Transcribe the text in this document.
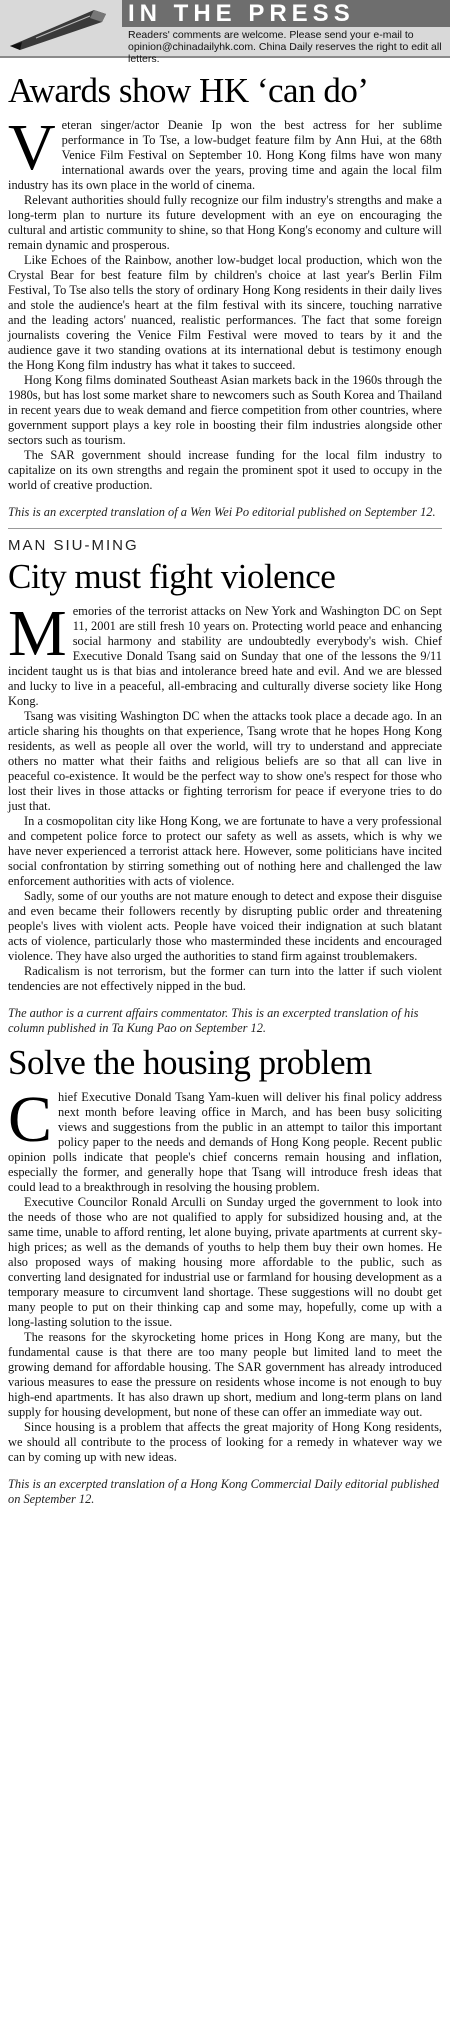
IN THE PRESS
Readers' comments are welcome. Please send your e-mail to opinion@chinadailyhk.com. China Daily reserves the right to edit all letters.
Awards show HK ‘can do’

Veteran singer/actor Deanie Ip won the best actress for her sublime performance in To Tse, a low-budget feature film by Ann Hui, at the 68th Venice Film Festival on September 10. Hong Kong films have won many international awards over the years, proving time and again the local film industry has its own place in the world of cinema.

Relevant authorities should fully recognize our film industry's strengths and make a long-term plan to nurture its future development with an eye on encouraging the cultural and artistic community to shine, so that Hong Kong's economy and culture will remain dynamic and prosperous.

Like Echoes of the Rainbow, another low-budget local production, which won the Crystal Bear for best feature film by children's choice at last year's Berlin Film Festival, To Tse also tells the story of ordinary Hong Kong residents in their daily lives and stole the audience's heart at the film festival with its sincere, touching narrative and the leading actors' nuanced, realistic performances. The fact that some foreign journalists covering the Venice Film Festival were moved to tears by it and the audience gave it two standing ovations at its international debut is testimony enough the Hong Kong film industry has what it takes to succeed.

Hong Kong films dominated Southeast Asian markets back in the 1960s through the 1980s, but has lost some market share to newcomers such as South Korea and Thailand in recent years due to weak demand and fierce competition from other countries, where government support plays a key role in boosting their film industries alongside other sectors such as tourism.

The SAR government should increase funding for the local film industry to capitalize on its own strengths and regain the prominent spot it used to occupy in the world of creative production.

This is an excerpted translation of a Wen Wei Po editorial published on September 12.
MAN SIU-MING
City must fight violence

Memories of the terrorist attacks on New York and Washington DC on Sept 11, 2001 are still fresh 10 years on. Protecting world peace and enhancing social harmony and stability are undoubtedly everybody's wish. Chief Executive Donald Tsang said on Sunday that one of the lessons the 9/11 incident taught us is that bias and intolerance breed hate and evil. And we are blessed and lucky to live in a peaceful, all-embracing and culturally diverse society like Hong Kong.

Tsang was visiting Washington DC when the attacks took place a decade ago. In an article sharing his thoughts on that experience, Tsang wrote that he hopes Hong Kong residents, as well as people all over the world, will try to understand and appreciate others no matter what their faiths and religious beliefs are so that all can live in peaceful co-existence. It would be the perfect way to show one's respect for those who lost their lives in those attacks or fighting terrorism for peace if everyone tries to do just that.

In a cosmopolitan city like Hong Kong, we are fortunate to have a very professional and competent police force to protect our safety as well as assets, which is why we have never experienced a terrorist attack here. However, some politicians have incited social confrontation by stirring something out of nothing here and challenged the law enforcement authorities with acts of violence.

Sadly, some of our youths are not mature enough to detect and expose their disguise and even became their followers recently by disrupting public order and threatening people's lives with violent acts. People have voiced their indignation at such blatant acts of violence, particularly those who masterminded these incidents and encouraged violence. They have also urged the authorities to stand firm against troublemakers.

Radicalism is not terrorism, but the former can turn into the latter if such violent tendencies are not effectively nipped in the bud.

The author is a current affairs commentator. This is an excerpted translation of his column published in Ta Kung Pao on September 12.
Solve the housing problem

Chief Executive Donald Tsang Yam-kuen will deliver his final policy address next month before leaving office in March, and has been busy soliciting views and suggestions from the public in an attempt to tailor this important policy paper to the needs and demands of Hong Kong people. Recent public opinion polls indicate that people's chief concerns remain housing and inflation, especially the former, and generally hope that Tsang will introduce fresh ideas that could lead to a breakthrough in resolving the housing problem.

Executive Councilor Ronald Arculli on Sunday urged the government to look into the needs of those who are not qualified to apply for subsidized housing and, at the same time, unable to afford renting, let alone buying, private apartments at current sky-high prices; as well as the demands of youths to help them buy their own homes. He also proposed ways of making housing more affordable to the public, such as converting land designated for industrial use or farmland for housing development as a temporary measure to circumvent land shortage. These suggestions will no doubt get many people to put on their thinking cap and some may, hopefully, come up with a long-lasting solution to the issue.

The reasons for the skyrocketing home prices in Hong Kong are many, but the fundamental cause is that there are too many people but limited land to meet the growing demand for affordable housing. The SAR government has already introduced various measures to ease the pressure on residents whose income is not enough to buy high-end apartments. It has also drawn up short, medium and long-term plans on land supply for housing development, but none of these can offer an immediate way out.

Since housing is a problem that affects the great majority of Hong Kong residents, we should all contribute to the process of looking for a remedy in whatever way we can by coming up with new ideas.

This is an excerpted translation of a Hong Kong Commercial Daily editorial published on September 12.
